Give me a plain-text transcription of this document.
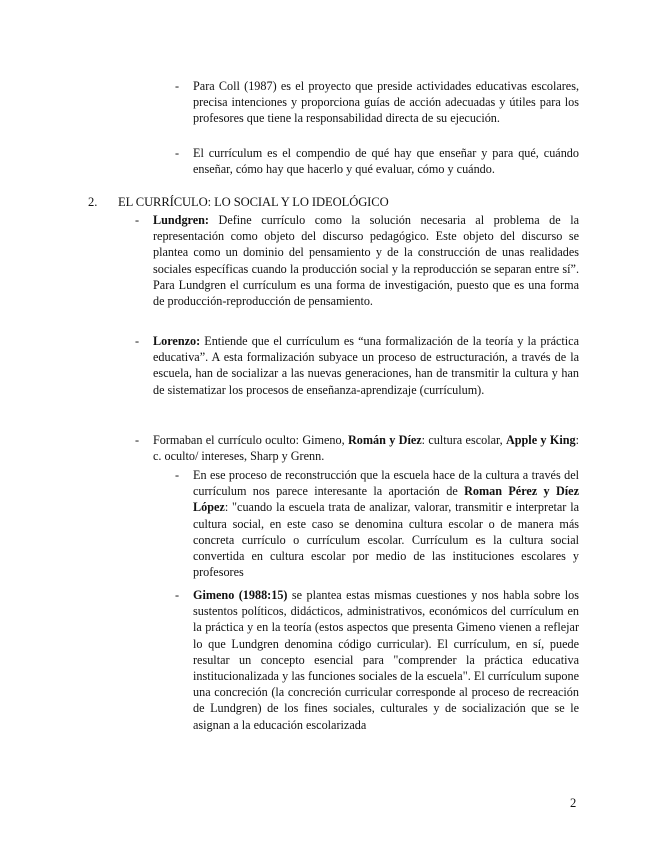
- Para Coll (1987) es el proyecto que preside actividades educativas escolares, precisa intenciones y proporciona guías de acción adecuadas y útiles para los profesores que tiene la responsabilidad directa de su ejecución.
- El currículum es el compendio de qué hay que enseñar y para qué, cuándo enseñar, cómo hay que hacerlo y qué evaluar, cómo y cuándo.
2. EL CURRÍCULO: LO SOCIAL Y LO IDEOLÓGICO
- Lundgren: Define currículo como la solución necesaria al problema de la representación como objeto del discurso pedagógico. Este objeto del discurso se plantea como un dominio del pensamiento y de la construcción de unas realidades sociales específicas cuando la producción social y la reproducción se separan entre sí”. Para Lundgren el currículum es una forma de investigación, puesto que es una forma de producción-reproducción de pensamiento.
- Lorenzo: Entiende que el currículum es “una formalización de la teoría y la práctica educativa”. A esta formalización subyace un proceso de estructuración, a través de la escuela, han de socializar a las nuevas generaciones, han de transmitir la cultura y han de sistematizar los procesos de enseñanza-aprendizaje (currículum).
- Formaban el currículo oculto: Gimeno, Román y Díez: cultura escolar, Apple y King: c. oculto/ intereses, Sharp y Grenn.
- En ese proceso de reconstrucción que la escuela hace de la cultura a través del currículum nos parece interesante la aportación de Roman Pérez y Díez López: "cuando la escuela trata de analizar, valorar, transmitir e interpretar la cultura social, en este caso se denomina cultura escolar o de manera más concreta currículo o currículum escolar. Currículum es la cultura social convertida en cultura escolar por medio de las instituciones escolares y profesores
- Gimeno (1988:15) se plantea estas mismas cuestiones y nos habla sobre los sustentos políticos, didácticos, administrativos, económicos del currículum en la práctica y en la teoría (estos aspectos que presenta Gimeno vienen a reflejar lo que Lundgren denomina código curricular). El currículum, en sí, puede resultar un concepto esencial para "comprender la práctica educativa institucionalizada y las funciones sociales de la escuela". El currículum supone una concreción (la concreción curricular corresponde al proceso de recreación de Lundgren) de los fines sociales, culturales y de socialización que se le asignan a la educación escolarizada
2
